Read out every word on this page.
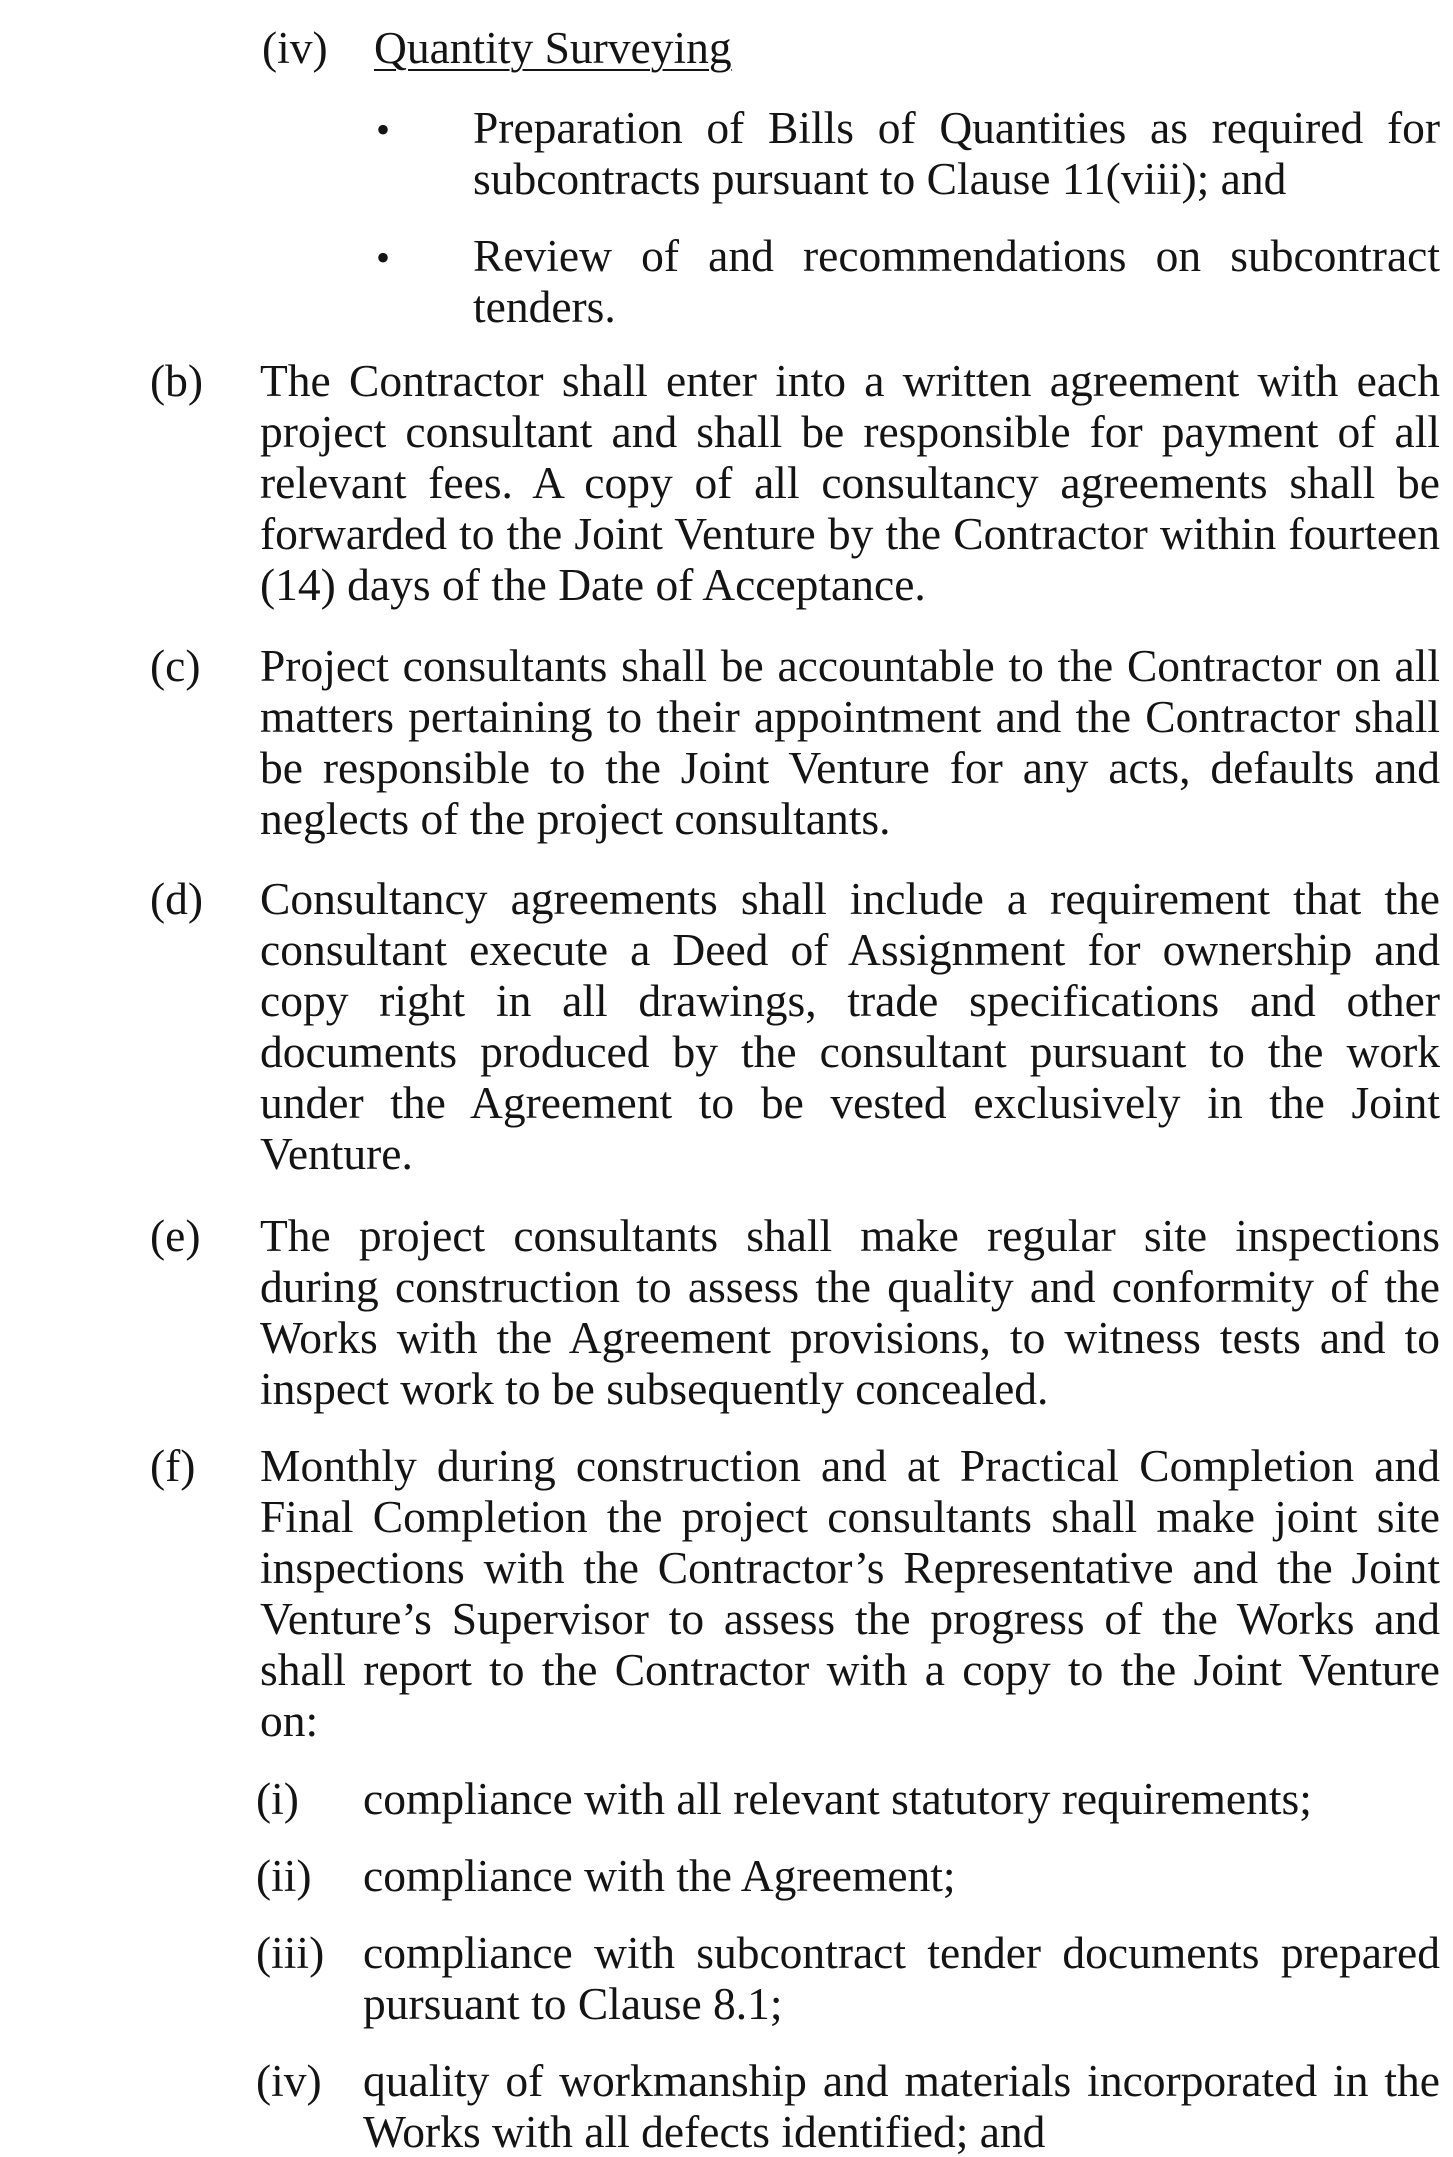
(iv) Quantity Surveying
• Preparation of Bills of Quantities as required for subcontracts pursuant to Clause 11(viii); and
• Review of and recommendations on subcontract tenders.
(b) The Contractor shall enter into a written agreement with each project consultant and shall be responsible for payment of all relevant fees. A copy of all consultancy agreements shall be forwarded to the Joint Venture by the Contractor within fourteen (14) days of the Date of Acceptance.
(c) Project consultants shall be accountable to the Contractor on all matters pertaining to their appointment and the Contractor shall be responsible to the Joint Venture for any acts, defaults and neglects of the project consultants.
(d) Consultancy agreements shall include a requirement that the consultant execute a Deed of Assignment for ownership and copy right in all drawings, trade specifications and other documents produced by the consultant pursuant to the work under the Agreement to be vested exclusively in the Joint Venture.
(e) The project consultants shall make regular site inspections during construction to assess the quality and conformity of the Works with the Agreement provisions, to witness tests and to inspect work to be subsequently concealed.
(f) Monthly during construction and at Practical Completion and Final Completion the project consultants shall make joint site inspections with the Contractor’s Representative and the Joint Venture’s Supervisor to assess the progress of the Works and shall report to the Contractor with a copy to the Joint Venture on:
(i) compliance with all relevant statutory requirements;
(ii) compliance with the Agreement;
(iii) compliance with subcontract tender documents prepared pursuant to Clause 8.1;
(iv) quality of workmanship and materials incorporated in the Works with all defects identified; and
